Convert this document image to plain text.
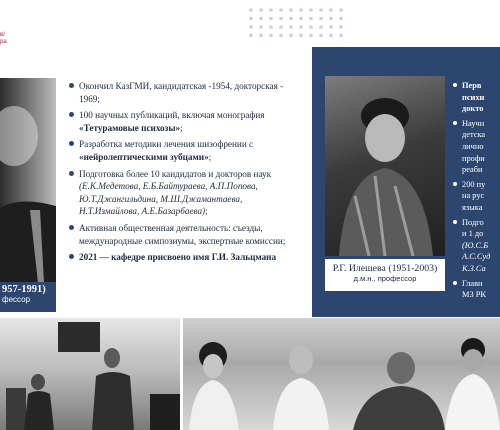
в/
ра
957-1991)
фессор
Окончил КазГМИ, кандидатская -1954, докторская - 1969;
100 научных публикаций, включая монография «Тетурамовые психозы»;
Разработка методики лечения шизофрении с «нейролептическими зубцами»;
Подготовка более 10 кандидатов и докторов наук (Е.К.Медетова, Е.Б.Байтураева, А.П.Попова, Ю.Т.Джангильдина, М.Ш.Джамантаева, Н.Т.Измайлова, А.Е.Базарбаева);
Активная общественная деятельность: съезды, международные симпозиумы, экспертные комиссии;
2021 — кафедре присвоено имя Г.И. Зальцмана
Р.Г. Илешева (1951-2003)
д.м.н., профессор
Перв
психн
докто
Научн
детска
лично
профи
реаби
200 пу
на рус
языка
Подго
и 1 до
(Ю.С.Б
А.С.Суд
К.З.Са
Главн
МЗ РК
